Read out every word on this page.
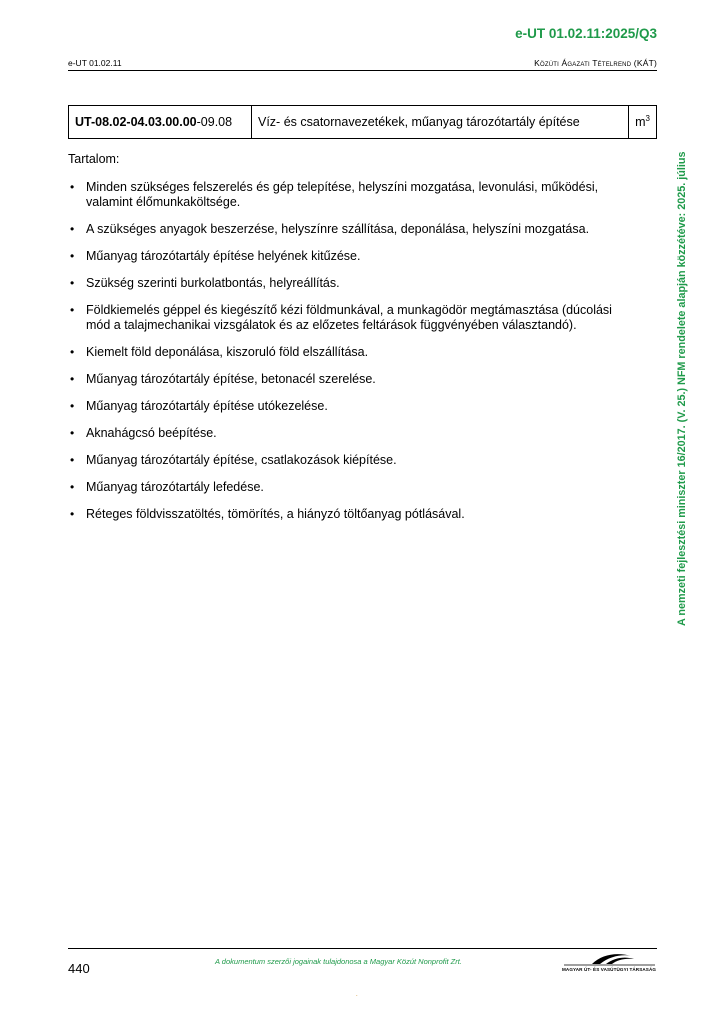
e-UT 01.02.11:2025/Q3
e-UT 01.02.11	Közúti Ágazati Tételrend (KÁT)
UT-08.02-04.03.00.00-09.08	Víz- és csatornavezetékek, műanyag tározótartály építése	$m^3$
Tartalom:
• Minden szükséges felszerelés és gép telepítése, helyszíni mozgatása, levonulási, működési, valamint élőmunkaköltsége.
• A szükséges anyagok beszerzése, helyszínre szállítása, deponálása, helyszíni mozgatása.
• Műanyag tározótartály építése helyének kitűzése.
• Szükség szerinti burkolatbontás, helyreállítás.
• Földkiemelés géppel és kiegészítő kézi földmunkával, a munkagödör megtámasztása (dúcolási mód a talajmechanikai vizsgálatok és az előzetes feltárások függvényében választandó).
• Kiemelt föld deponálása, kiszoruló föld elszállítása.
• Műanyag tározótartály építése, betonacél szerelése.
• Műanyag tározótartály építése utókezelése.
• Aknahágcsó beépítése.
• Műanyag tározótartály építése, csatlakozások kiépítése.
• Műanyag tározótartály lefedése.
• Réteges földvisszatöltés, tömörítés, a hiányzó töltőanyag pótlásával.	A nemzeti fejlesztési miniszter 16/2017. (V. 25.) NFM rendelete alapján közzétéve: 2025. július
440	A dokumentum szerzői jogainak tulajdonosa a Magyar Közút Nonprofit Zrt.
MAGYAR ÚT- ÉS VASÚTÜGYI TÁRSASÁG
.
